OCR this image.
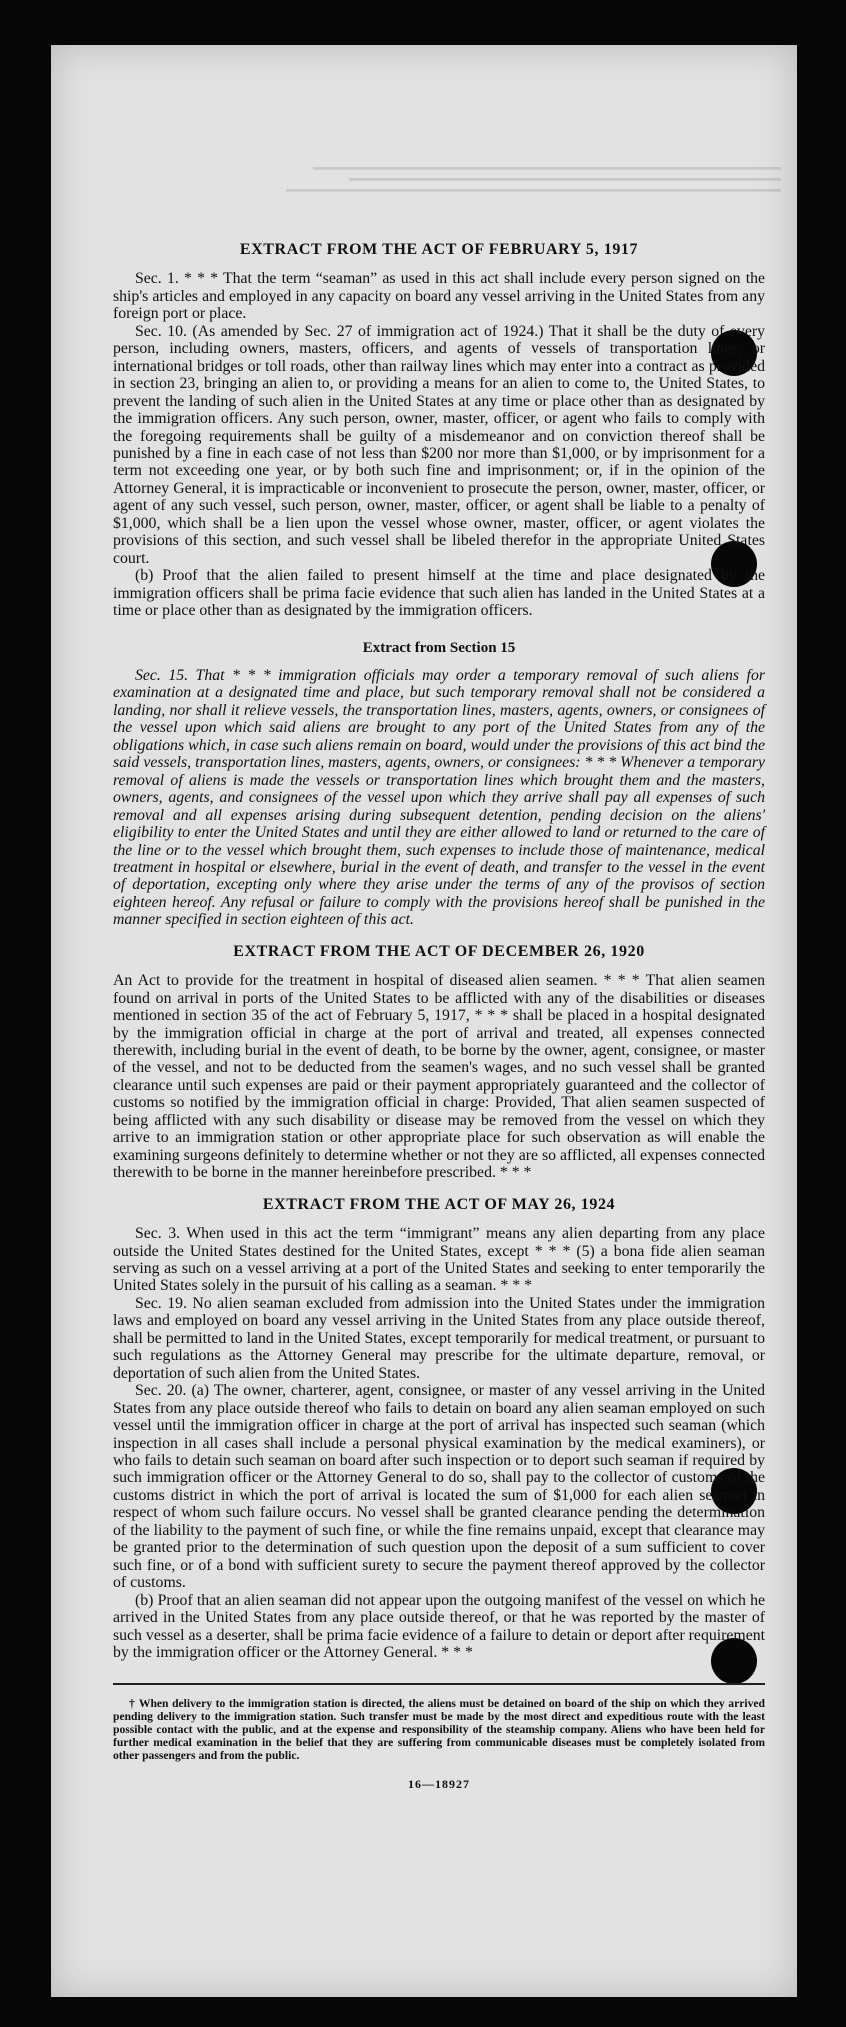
▬▬▬▬▬▬▬▬▬▬▬▬▬▬▬▬▬▬▬▬▬▬▬▬▬▬▬▬▬▬▬▬▬▬▬▬▬▬▬▬▬▬▬▬▬▬▬▬▬▬▬▬▬▬▬
▬▬▬▬▬▬▬▬▬▬▬▬▬▬▬▬▬▬▬▬▬▬▬▬▬▬▬▬▬▬▬▬▬▬▬▬▬▬▬▬▬▬▬▬▬▬▬▬
▬▬▬▬▬▬▬▬▬▬▬▬▬▬▬▬▬▬▬▬▬▬▬▬▬▬▬▬▬▬▬▬▬▬▬▬▬▬▬▬▬▬▬▬▬▬▬▬▬▬▬▬
EXTRACT FROM THE ACT OF FEBRUARY 5, 1917

Sec. 1. * * * That the term “seaman” as used in this act shall include every person signed on the ship's articles and employed in any capacity on board any vessel arriving in the United States from any foreign port or place.

Sec. 10. (As amended by Sec. 27 of immigration act of 1924.) That it shall be the duty of every person, including owners, masters, officers, and agents of vessels of transportation lines, or international bridges or toll roads, other than railway lines which may enter into a contract as provided in section 23, bringing an alien to, or providing a means for an alien to come to, the United States, to prevent the landing of such alien in the United States at any time or place other than as designated by the immigration officers. Any such person, owner, master, officer, or agent who fails to comply with the foregoing requirements shall be guilty of a misdemeanor and on conviction thereof shall be punished by a fine in each case of not less than $200 nor more than $1,000, or by imprisonment for a term not exceeding one year, or by both such fine and imprisonment; or, if in the opinion of the Attorney General, it is impracticable or inconvenient to prosecute the person, owner, master, officer, or agent of any such vessel, such person, owner, master, officer, or agent shall be liable to a penalty of $1,000, which shall be a lien upon the vessel whose owner, master, officer, or agent violates the provisions of this section, and such vessel shall be libeled therefor in the appropriate United States court.

(b) Proof that the alien failed to present himself at the time and place designated by the immigration officers shall be prima facie evidence that such alien has landed in the United States at a time or place other than as designated by the immigration officers.

Extract from Section 15

Sec. 15. That * * * immigration officials may order a temporary removal of such aliens for examination at a designated time and place, but such temporary removal shall not be considered a landing, nor shall it relieve vessels, the transportation lines, masters, agents, owners, or consignees of the vessel upon which said aliens are brought to any port of the United States from any of the obligations which, in case such aliens remain on board, would under the provisions of this act bind the said vessels, transportation lines, masters, agents, owners, or consignees: * * * Whenever a temporary removal of aliens is made the vessels or transportation lines which brought them and the masters, owners, agents, and consignees of the vessel upon which they arrive shall pay all expenses of such removal and all expenses arising during subsequent detention, pending decision on the aliens' eligibility to enter the United States and until they are either allowed to land or returned to the care of the line or to the vessel which brought them, such expenses to include those of maintenance, medical treatment in hospital or elsewhere, burial in the event of death, and transfer to the vessel in the event of deportation, excepting only where they arise under the terms of any of the provisos of section eighteen hereof. Any refusal or failure to comply with the provisions hereof shall be punished in the manner specified in section eighteen of this act.

EXTRACT FROM THE ACT OF DECEMBER 26, 1920

An Act to provide for the treatment in hospital of diseased alien seamen. * * * That alien seamen found on arrival in ports of the United States to be afflicted with any of the disabilities or diseases mentioned in section 35 of the act of February 5, 1917, * * * shall be placed in a hospital designated by the immigration official in charge at the port of arrival and treated, all expenses connected therewith, including burial in the event of death, to be borne by the owner, agent, consignee, or master of the vessel, and not to be deducted from the seamen's wages, and no such vessel shall be granted clearance until such expenses are paid or their payment appropriately guaranteed and the collector of customs so notified by the immigration official in charge: Provided, That alien seamen suspected of being afflicted with any such disability or disease may be removed from the vessel on which they arrive to an immigration station or other appropriate place for such observation as will enable the examining surgeons definitely to determine whether or not they are so afflicted, all expenses connected therewith to be borne in the manner hereinbefore prescribed. * * *

EXTRACT FROM THE ACT OF MAY 26, 1924

Sec. 3. When used in this act the term “immigrant” means any alien departing from any place outside the United States destined for the United States, except * * * (5) a bona fide alien seaman serving as such on a vessel arriving at a port of the United States and seeking to enter temporarily the United States solely in the pursuit of his calling as a seaman. * * *

Sec. 19. No alien seaman excluded from admission into the United States under the immigration laws and employed on board any vessel arriving in the United States from any place outside thereof, shall be permitted to land in the United States, except temporarily for medical treatment, or pursuant to such regulations as the Attorney General may prescribe for the ultimate departure, removal, or deportation of such alien from the United States.

Sec. 20. (a) The owner, charterer, agent, consignee, or master of any vessel arriving in the United States from any place outside thereof who fails to detain on board any alien seaman employed on such vessel until the immigration officer in charge at the port of arrival has inspected such seaman (which inspection in all cases shall include a personal physical examination by the medical examiners), or who fails to detain such seaman on board after such inspection or to deport such seaman if required by such immigration officer or the Attorney General to do so, shall pay to the collector of customs of the customs district in which the port of arrival is located the sum of $1,000 for each alien seaman in respect of whom such failure occurs. No vessel shall be granted clearance pending the determination of the liability to the payment of such fine, or while the fine remains unpaid, except that clearance may be granted prior to the determination of such question upon the deposit of a sum sufficient to cover such fine, or of a bond with sufficient surety to secure the payment thereof approved by the collector of customs.

(b) Proof that an alien seaman did not appear upon the outgoing manifest of the vessel on which he arrived in the United States from any place outside thereof, or that he was reported by the master of such vessel as a deserter, shall be prima facie evidence of a failure to detain or deport after requirement by the immigration officer or the Attorney General. * * *

† When delivery to the immigration station is directed, the aliens must be detained on board of the ship on which they arrived pending delivery to the immigration station. Such transfer must be made by the most direct and expeditious route with the least possible contact with the public, and at the expense and responsibility of the steamship company. Aliens who have been held for further medical examination in the belief that they are suffering from communicable diseases must be completely isolated from other passengers and from the public.

16—18927
